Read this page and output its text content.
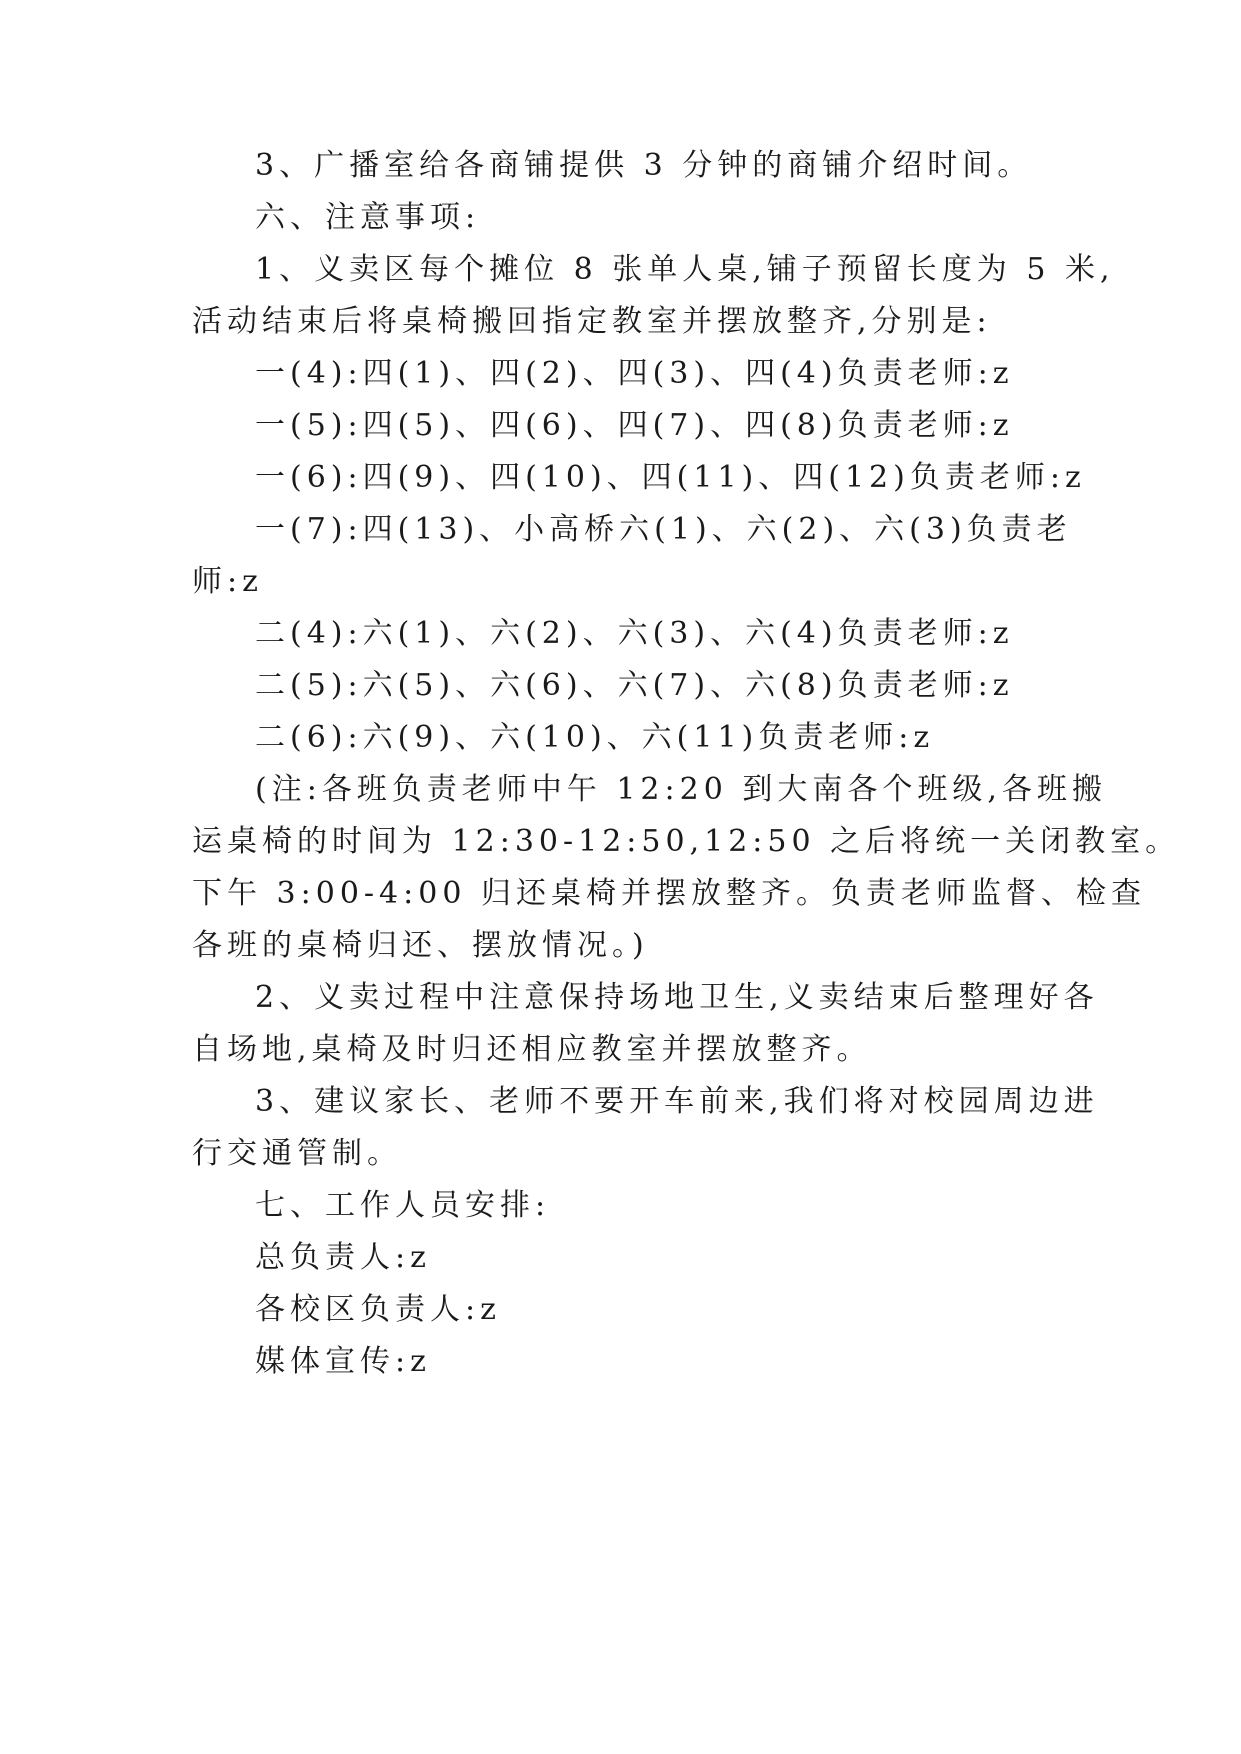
3、广播室给各商铺提供 3 分钟的商铺介绍时间。
六、注意事项:
1、义卖区每个摊位 8 张单人桌,铺子预留长度为 5 米,
活动结束后将桌椅搬回指定教室并摆放整齐,分别是:
一(4):四(1)、四(2)、四(3)、四(4)负责老师:z
一(5):四(5)、四(6)、四(7)、四(8)负责老师:z
一(6):四(9)、四(10)、四(11)、四(12)负责老师:z
一(7):四(13)、小高桥六(1)、六(2)、六(3)负责老
师:z
二(4):六(1)、六(2)、六(3)、六(4)负责老师:z
二(5):六(5)、六(6)、六(7)、六(8)负责老师:z
二(6):六(9)、六(10)、六(11)负责老师:z
(注:各班负责老师中午 12:20 到大南各个班级,各班搬
运桌椅的时间为 12:30-12:50,12:50 之后将统一关闭教室。
下午 3:00-4:00 归还桌椅并摆放整齐。负责老师监督、检查
各班的桌椅归还、摆放情况。)
2、义卖过程中注意保持场地卫生,义卖结束后整理好各
自场地,桌椅及时归还相应教室并摆放整齐。
3、建议家长、老师不要开车前来,我们将对校园周边进
行交通管制。
七、工作人员安排:
总负责人:z
各校区负责人:z
媒体宣传:z
